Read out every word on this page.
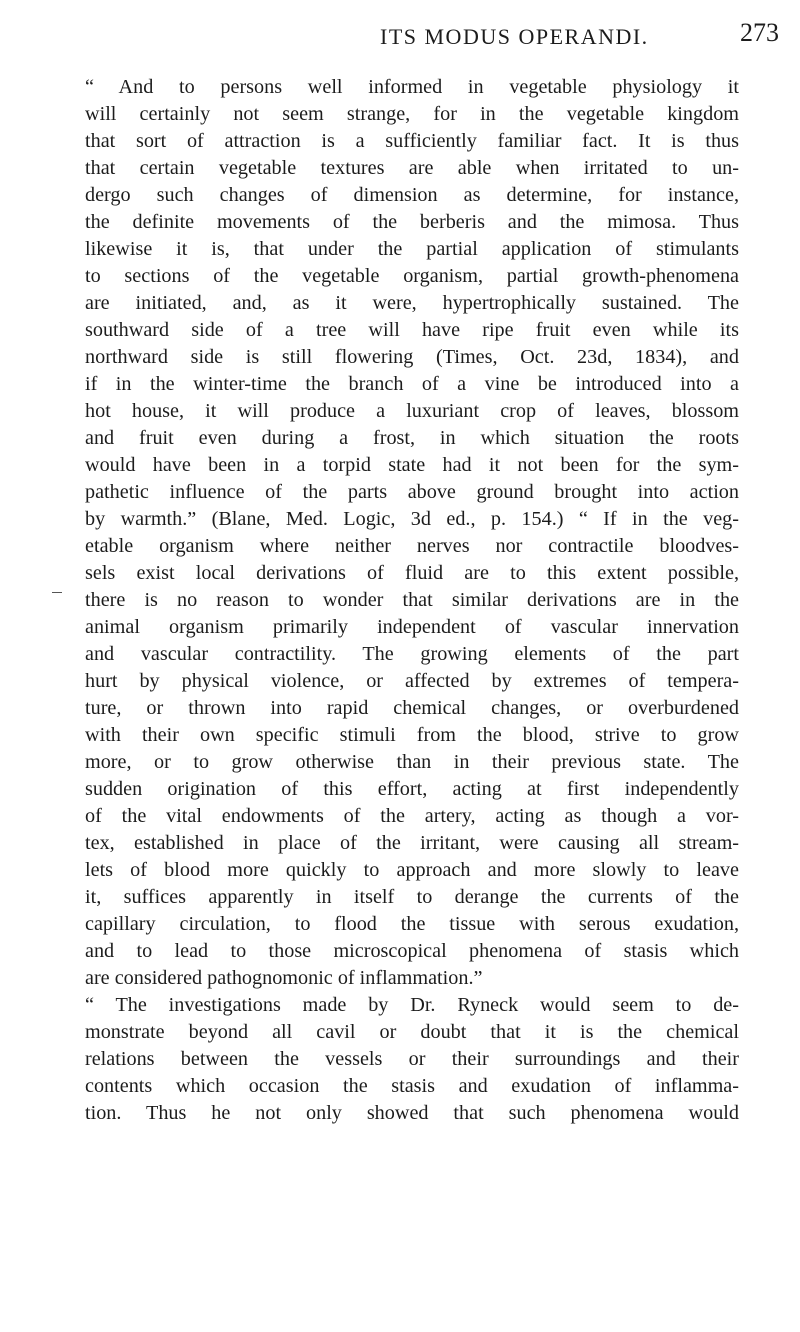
ITS MODUS OPERANDI.	273
“ And to persons well informed in vegetable physiology it
will certainly not seem strange, for in the vegetable kingdom
that sort of attraction is a sufficiently familiar fact. It is thus
that certain vegetable textures are able when irritated to un-
dergo such changes of dimension as determine, for instance,
the definite movements of the berberis and the mimosa. Thus
likewise it is, that under the partial application of stimulants
to sections of the vegetable organism, partial growth-phenomena
are initiated, and, as it were, hypertrophically sustained. The
southward side of a tree will have ripe fruit even while its
northward side is still flowering (Times, Oct. 23d, 1834), and
if in the winter-time the branch of a vine be introduced into a
hot house, it will produce a luxuriant crop of leaves, blossom
and fruit even during a frost, in which situation the roots
would have been in a torpid state had it not been for the sym-
pathetic influence of the parts above ground brought into action
by warmth.” (Blane, Med. Logic, 3d ed., p. 154.) “ If in the veg-
etable organism where neither nerves nor contractile bloodves-
sels exist local derivations of fluid are to this extent possible,
there is no reason to wonder that similar derivations are in the
animal organism primarily independent of vascular innervation
and vascular contractility. The growing elements of the part
hurt by physical violence, or affected by extremes of tempera-
ture, or thrown into rapid chemical changes, or overburdened
with their own specific stimuli from the blood, strive to grow
more, or to grow otherwise than in their previous state. The
sudden origination of this effort, acting at first independently
of the vital endowments of the artery, acting as though a vor-
tex, established in place of the irritant, were causing all stream-
lets of blood more quickly to approach and more slowly to leave
it, suffices apparently in itself to derange the currents of the
capillary circulation, to flood the tissue with serous exudation,
and to lead to those microscopical phenomena of stasis which
are considered pathognomonic of inflammation.”
“ The investigations made by Dr. Ryneck would seem to de-
monstrate beyond all cavil or doubt that it is the chemical
relations between the vessels or their surroundings and their
contents which occasion the stasis and exudation of inflamma-
tion. Thus he not only showed that such phenomena would
